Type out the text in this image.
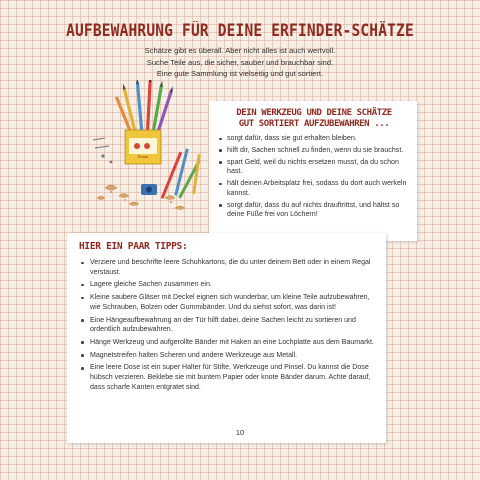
AUFBEWAHRUNG FÜR DEINE ERFINDER-SCHÄTZE
Schätze gibt es überall. Aber nicht alles ist auch wertvoll.
Suche Teile aus, die sicher, sauber und brauchbar sind.
Eine gute Sammlung ist vielseitig und gut sortiert.
Ponta
DEIN WERKZEUG UND DEINE SCHÄTZE
GUT SORTIERT AUFZUBEWAHREN ...
sorgt dafür, dass sie gut erhalten bleiben.
hilft dir, Sachen schnell zu finden, wenn du sie brauchst.
spart Geld, weil du nichts ersetzen musst, da du schon hast.
hält deinen Arbeitsplatz frei, sodass du dort auch werkeln kannst.
sorgt dafür, dass du auf nichts drauftrittst, und hältst so deine Füße frei von Löchern!
HIER EIN PAAR TIPPS:
Verziere und beschrifte leere Schuhkartons, die du unter deinem Bett oder in einem Regal verstaust.
Lagere gleiche Sachen zusammen ein.
Kleine saubere Gläser mit Deckel eignen sich wunderbar, um kleine Teile aufzubewahren, wie Schrauben, Bolzen oder Gummibänder. Und du siehst sofort, was darin ist!
Eine Hängeaufbewahrung an der Tür hilft dabei, deine Sachen leicht zu sortieren und ordentlich aufzubewahren.
Hänge Werkzeug und aufgerollte Bänder mit Haken an eine Lochplatte aus dem Baumarkt.
Magnetstreifen halten Scheren und andere Werkzeuge aus Metall.
Eine leere Dose ist ein super Halter für Stifte, Werkzeuge und Pinsel. Du kannst die Dose hübsch verzieren. Beklebe sie mit buntem Papier oder knote Bänder darum. Achte darauf, dass scharfe Kanten entgratet sind.
10
